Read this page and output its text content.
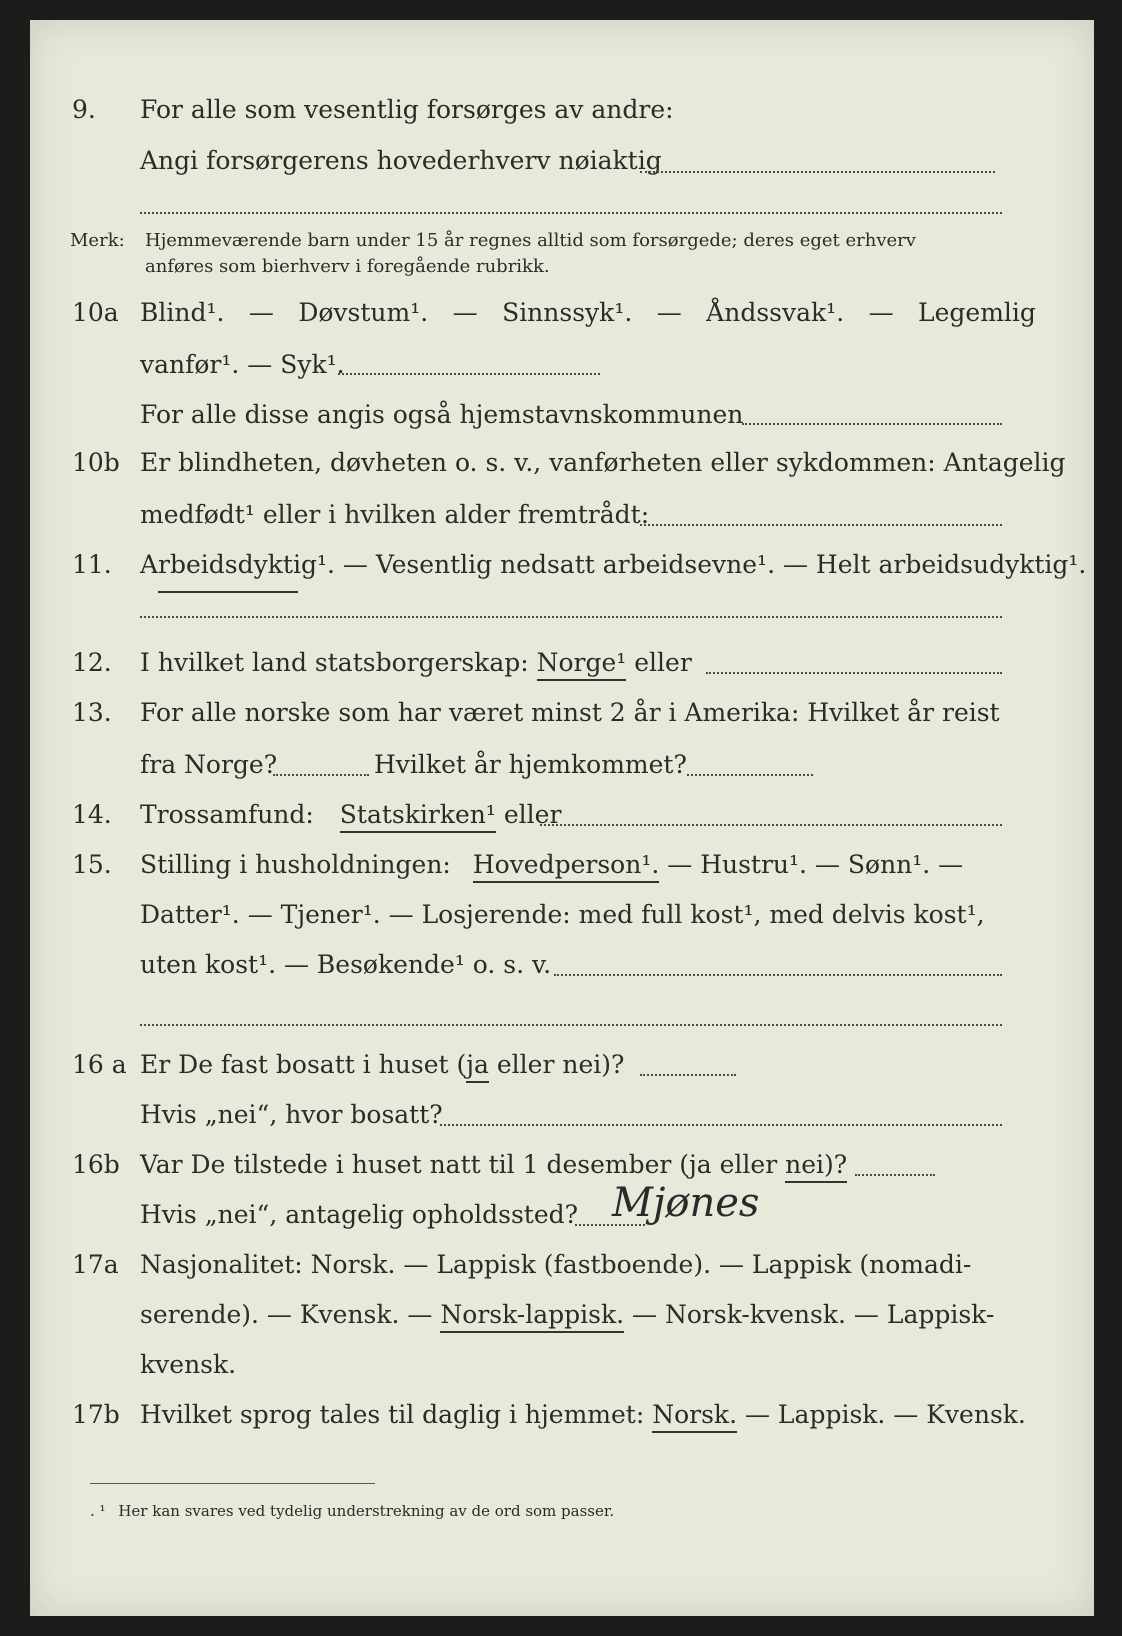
9. For alle som vesentlig forsørges av andre:
Angi forsørgerens hovederhverv nøiaktig
Merk: Hjemmeværende barn under 15 år regnes alltid som forsørgede; deres eget erhverv
anføres som bierhverv i foregående rubrikk.
10a Blind¹. — Døvstum¹. — Sinnssyk¹. — Åndssvak¹. — Legemlig
vanfør¹. — Syk¹.
For alle disse angis også hjemstavnskommunen
10b Er blindheten, døvheten o. s. v., vanførheten eller sykdommen: Antagelig
medfødt¹ eller i hvilken alder fremtrådt:
11. Arbeidsdyktig¹. — Vesentlig nedsatt arbeidsevne¹. — Helt arbeidsudyktig¹.
12. I hvilket land statsborgerskap: Norge¹ eller
13. For alle norske som har været minst 2 år i Amerika: Hvilket år reist
fra Norge?	Hvilket år hjemkommet?
14. Trossamfund: Statskirken¹ eller
15. Stilling i husholdningen: Hovedperson¹. — Hustru¹. — Sønn¹. —
Datter¹. — Tjener¹. — Losjerende: med full kost¹, med delvis kost¹,
uten kost¹. — Besøkende¹ o. s. v.
16 a Er De fast bosatt i huset (ja eller nei)?
Hvis „nei“, hvor bosatt?
16b Var De tilstede i huset natt til 1 desember (ja eller nei)?
Hvis „nei“, antagelig opholdssted? Mjønes
17a Nasjonalitet: Norsk. — Lappisk (fastboende). — Lappisk (nomadi-
serende). — Kvensk. — Norsk-lappisk. — Norsk-kvensk. — Lappisk-
kvensk.
17b Hvilket sprog tales til daglig i hjemmet: Norsk. — Lappisk. — Kvensk.
. ¹ Her kan svares ved tydelig understrekning av de ord som passer.
